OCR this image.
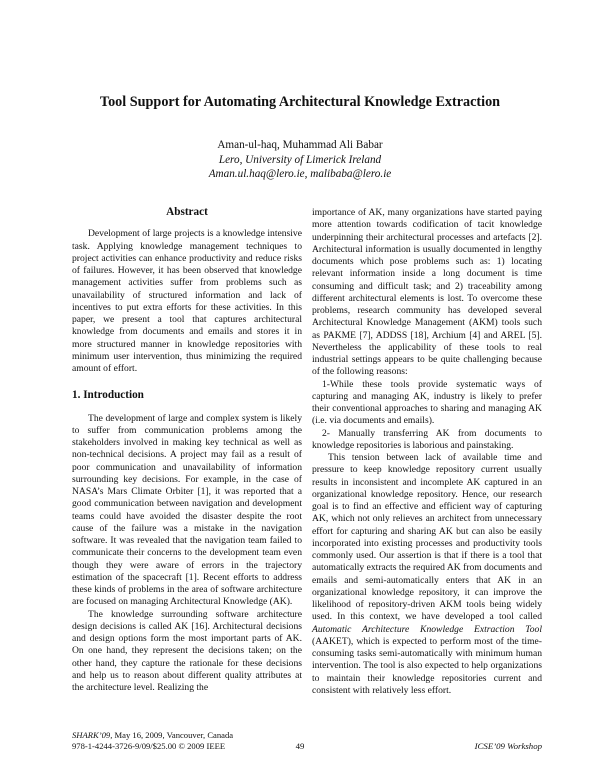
Tool Support for Automating Architectural Knowledge Extraction
Aman-ul-haq, Muhammad Ali Babar
Lero, University of Limerick Ireland
Aman.ul.haq@lero.ie, malibaba@lero.ie
Abstract

Development of large projects is a knowledge intensive task. Applying knowledge management techniques to project activities can enhance productivity and reduce risks of failures. However, it has been observed that knowledge management activities suffer from problems such as unavailability of structured information and lack of incentives to put extra efforts for these activities. In this paper, we present a tool that captures architectural knowledge from documents and emails and stores it in more structured manner in knowledge repositories with minimum user intervention, thus minimizing the required amount of effort.

1. Introduction

The development of large and complex system is likely to suffer from communication problems among the stakeholders involved in making key technical as well as non-technical decisions. A project may fail as a result of poor communication and unavailability of information surrounding key decisions. For example, in the case of NASA’s Mars Climate Orbiter [1], it was reported that a good communication between navigation and development teams could have avoided the disaster despite the root cause of the failure was a mistake in the navigation software. It was revealed that the navigation team failed to communicate their concerns to the development team even though they were aware of errors in the trajectory estimation of the spacecraft [1]. Recent efforts to address these kinds of problems in the area of software architecture are focused on managing Architectural Knowledge (AK).

The knowledge surrounding software architecture design decisions is called AK [16]. Architectural decisions and design options form the most important parts of AK. On one hand, they represent the decisions taken; on the other hand, they capture the rationale for these decisions and help us to reason about different quality attributes at the architecture level. Realizing the

importance of AK, many organizations have started paying more attention towards codification of tacit knowledge underpinning their architectural processes and artefacts [2]. Architectural information is usually documented in lengthy documents which pose problems such as: 1) locating relevant information inside a long document is time consuming and difficult task; and 2) traceability among different architectural elements is lost. To overcome these problems, research community has developed several Architectural Knowledge Management (AKM) tools such as PAKME [7], ADDSS [18], Archium [4] and AREL [5]. Nevertheless the applicability of these tools to real industrial settings appears to be quite challenging because of the following reasons:

1-While these tools provide systematic ways of capturing and managing AK, industry is likely to prefer their conventional approaches to sharing and managing AK (i.e. via documents and emails).

2- Manually transferring AK from documents to knowledge repositories is laborious and painstaking.

This tension between lack of available time and pressure to keep knowledge repository current usually results in inconsistent and incomplete AK captured in an organizational knowledge repository. Hence, our research goal is to find an effective and efficient way of capturing AK, which not only relieves an architect from unnecessary effort for capturing and sharing AK but can also be easily incorporated into existing processes and productivity tools commonly used. Our assertion is that if there is a tool that automatically extracts the required AK from documents and emails and semi-automatically enters that AK in an organizational knowledge repository, it can improve the likelihood of repository-driven AKM tools being widely used. In this context, we have developed a tool called Automatic Architecture Knowledge Extraction Tool (AAKET), which is expected to perform most of the time-consuming tasks semi-automatically with minimum human intervention. The tool is also expected to help organizations to maintain their knowledge repositories current and consistent with relatively less effort.

SHARK’09, May 16, 2009, Vancouver, Canada
978-1-4244-3726-9/09/$25.00 © 2009 IEEE	49	ICSE’09 Workshop
